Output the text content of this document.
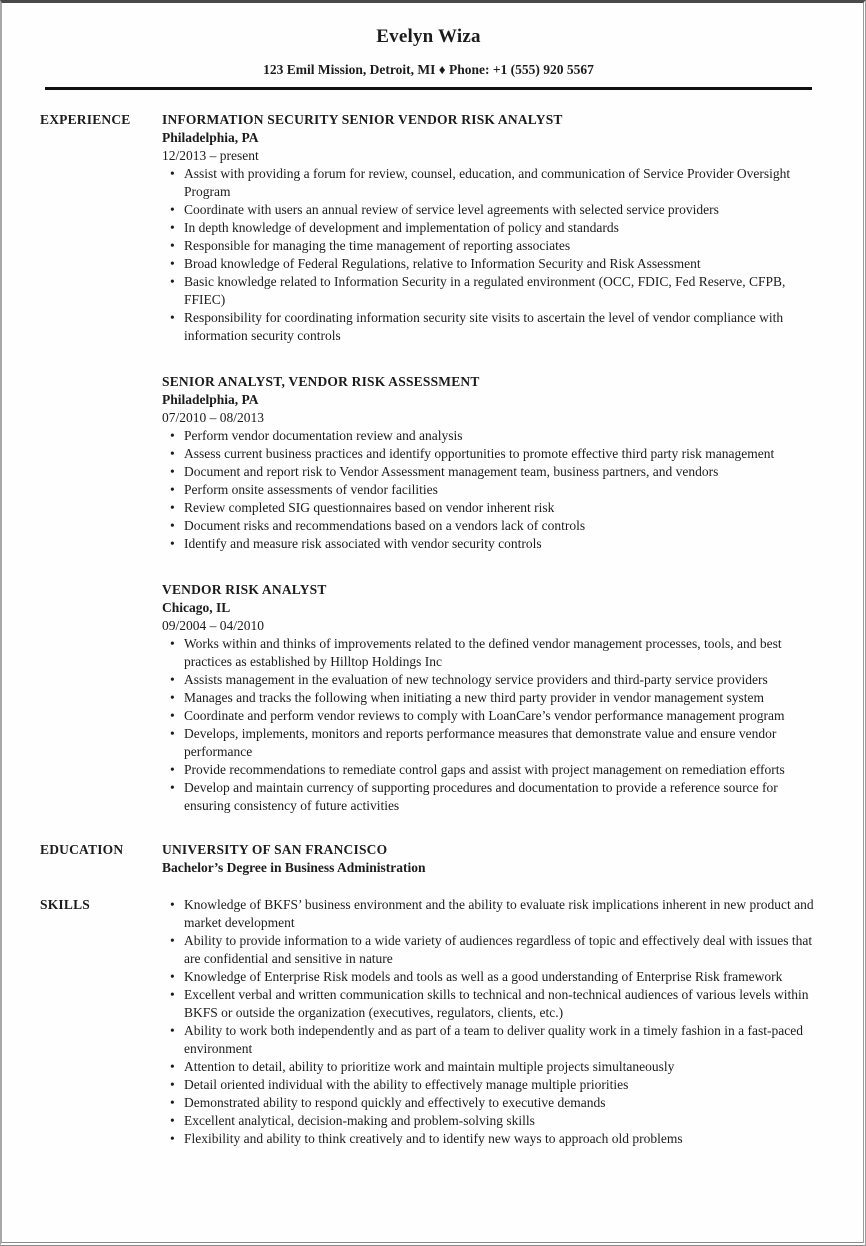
Evelyn Wiza
123 Emil Mission, Detroit, MI ♦ Phone: +1 (555) 920 5567
EXPERIENCE	INFORMATION SECURITY SENIOR VENDOR RISK ANALYST
Philadelphia, PA
12/2013 – present
• Assist with providing a forum for review, counsel, education, and communication of Service Provider Oversight Program
• Coordinate with users an annual review of service level agreements with selected service providers
• In depth knowledge of development and implementation of policy and standards
• Responsible for managing the time management of reporting associates
• Broad knowledge of Federal Regulations, relative to Information Security and Risk Assessment
• Basic knowledge related to Information Security in a regulated environment (OCC, FDIC, Fed Reserve, CFPB, FFIEC)
• Responsibility for coordinating information security site visits to ascertain the level of vendor compliance with information security controls
SENIOR ANALYST, VENDOR RISK ASSESSMENT
Philadelphia, PA
07/2010 – 08/2013
• Perform vendor documentation review and analysis
• Assess current business practices and identify opportunities to promote effective third party risk management
• Document and report risk to Vendor Assessment management team, business partners, and vendors
• Perform onsite assessments of vendor facilities
• Review completed SIG questionnaires based on vendor inherent risk
• Document risks and recommendations based on a vendors lack of controls
• Identify and measure risk associated with vendor security controls
VENDOR RISK ANALYST
Chicago, IL
09/2004 – 04/2010
• Works within and thinks of improvements related to the defined vendor management processes, tools, and best practices as established by Hilltop Holdings Inc
• Assists management in the evaluation of new technology service providers and third-party service providers
• Manages and tracks the following when initiating a new third party provider in vendor management system
• Coordinate and perform vendor reviews to comply with LoanCare’s vendor performance management program
• Develops, implements, monitors and reports performance measures that demonstrate value and ensure vendor performance
• Provide recommendations to remediate control gaps and assist with project management on remediation efforts
• Develop and maintain currency of supporting procedures and documentation to provide a reference source for ensuring consistency of future activities
EDUCATION	UNIVERSITY OF SAN FRANCISCO
Bachelor’s Degree in Business Administration
SKILLS	• Knowledge of BKFS’ business environment and the ability to evaluate risk implications inherent in new product and market development
• Ability to provide information to a wide variety of audiences regardless of topic and effectively deal with issues that are confidential and sensitive in nature
• Knowledge of Enterprise Risk models and tools as well as a good understanding of Enterprise Risk framework
• Excellent verbal and written communication skills to technical and non-technical audiences of various levels within BKFS or outside the organization (executives, regulators, clients, etc.)
• Ability to work both independently and as part of a team to deliver quality work in a timely fashion in a fast-paced environment
• Attention to detail, ability to prioritize work and maintain multiple projects simultaneously
• Detail oriented individual with the ability to effectively manage multiple priorities
• Demonstrated ability to respond quickly and effectively to executive demands
• Excellent analytical, decision-making and problem-solving skills
• Flexibility and ability to think creatively and to identify new ways to approach old problems
